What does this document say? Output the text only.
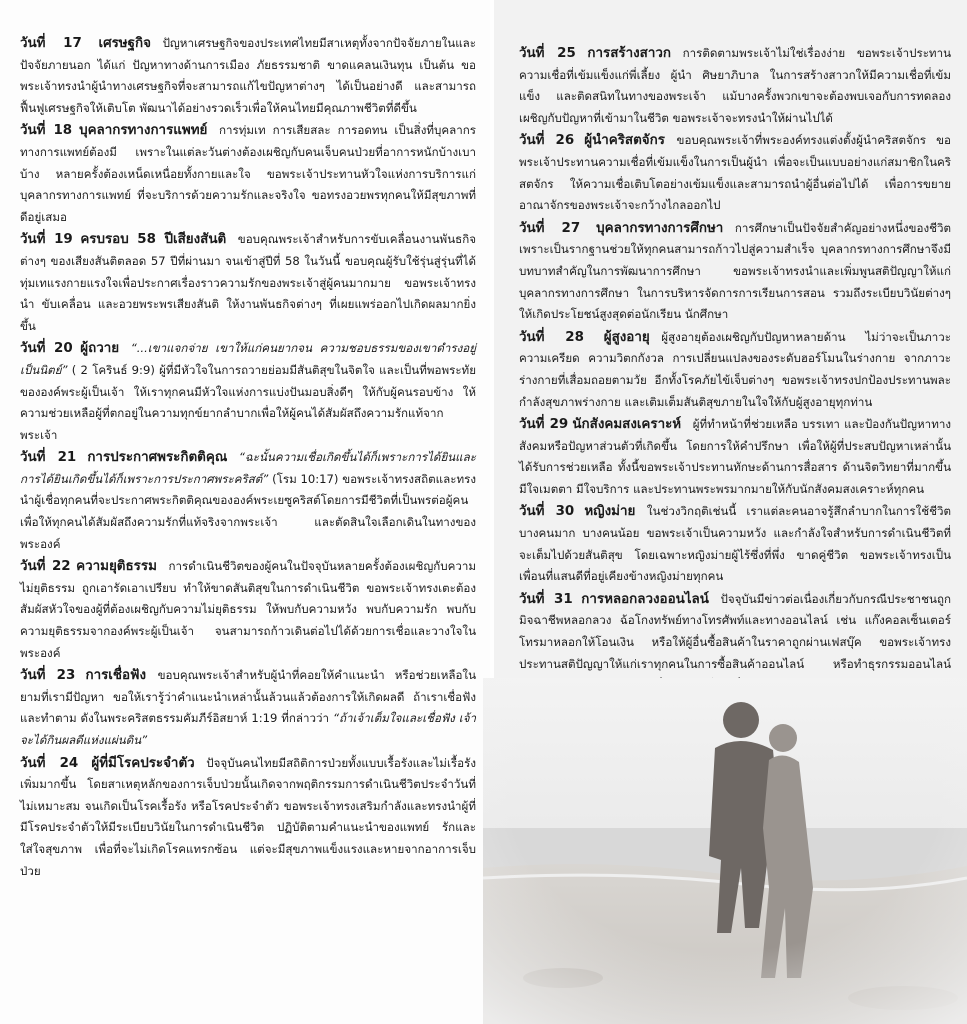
วันที่ 17 เศรษฐกิจ  ปัญหาเศรษฐกิจของประเทศไทยมีสาเหตุทั้งจากปัจจัยภายในและปัจจัยภายนอก ได้แก่ ปัญหาทางด้านการเมือง ภัยธรรมชาติ ขาดแคลนเงินทุน เป็นต้น ขอพระเจ้าทรงนำผู้นำทางเศรษฐกิจที่จะสามารถแก้ไขปัญหาต่างๆ ได้เป็นอย่างดี และสามารถฟื้นฟูเศรษฐกิจให้เติบโต พัฒนาได้อย่างรวดเร็วเพื่อให้คนไทยมีคุณภาพชีวิตที่ดีขึ้น

วันที่ 18 บุคลากรทางการแพทย์  การทุ่มเท การเสียสละ การอดทน เป็นสิ่งที่บุคลากรทางการแพทย์ต้องมี เพราะในแต่ละวันต่างต้องเผชิญกับคนเจ็บคนป่วยที่อาการหนักบ้างเบาบ้าง หลายครั้งต้องเหน็ดเหนื่อยทั้งกายและใจ ขอพระเจ้าประทานหัวใจแห่งการบริการแก่บุคลากรทางการแพทย์ ที่จะบริการด้วยความรักและจริงใจ ขอทรงอวยพรทุกคนให้มีสุขภาพที่ดีอยู่เสมอ

วันที่ 19 ครบรอบ 58 ปีเสียงสันติ  ขอบคุณพระเจ้าสำหรับการขับเคลื่อนงานพันธกิจต่างๆ ของเสียงสันติตลอด 57 ปีที่ผ่านมา จนเข้าสู่ปีที่ 58 ในวันนี้ ขอบคุณผู้รับใช้รุ่นสู่รุ่นที่ได้ทุ่มเทแรงกายแรงใจเพื่อประกาศเรื่องราวความรักของพระเจ้าสู่ผู้คนมากมาย ขอพระเจ้าทรงนำ ขับเคลื่อน และอวยพระพรเสียงสันติ ให้งานพันธกิจต่างๆ ที่เผยแพร่ออกไปเกิดผลมากยิ่งขึ้น

วันที่ 20 ผู้ถวาย  “...เขาแจกจ่าย เขาให้แก่คนยากจน ความชอบธรรมของเขาดำรงอยู่เป็นนิตย์” ( 2 โครินธ์ 9:9) ผู้ที่มีหัวใจในการถวายย่อมมีสันติสุขในจิตใจ และเป็นที่พอพระทัยขององค์พระผู้เป็นเจ้า ให้เราทุกคนมีหัวใจแห่งการแบ่งปันมอบสิ่งดีๆ ให้กับผู้คนรอบข้าง ให้ความช่วยเหลือผู้ที่ตกอยู่ในความทุกข์ยากลำบากเพื่อให้ผู้คนได้สัมผัสถึงความรักแท้จากพระเจ้า

วันที่ 21 การประกาศพระกิตติคุณ  “ฉะนั้นความเชื่อเกิดขึ้นได้ก็เพราะการได้ยินและการได้ยินเกิดขึ้นได้ก็เพราะการประกาศพระคริสต์” (โรม 10:17) ขอพระเจ้าทรงสถิตและทรงนำผู้เชื่อทุกคนที่จะประกาศพระกิตติคุณขององค์พระเยซูคริสต์โดยการมีชีวิตที่เป็นพรต่อผู้คน เพื่อให้ทุกคนได้สัมผัสถึงความรักที่แท้จริงจากพระเจ้า และตัดสินใจเลือกเดินในทางของพระองค์

วันที่ 22 ความยุติธรรม  การดำเนินชีวิตของผู้คนในปัจจุบันหลายครั้งต้องเผชิญกับความไม่ยุติธรรม ถูกเอารัดเอาเปรียบ ทำให้ขาดสันติสุขในการดำเนินชีวิต ขอพระเจ้าทรงเตะต้องสัมผัสหัวใจของผู้ที่ต้องเผชิญกับความไม่ยุติธรรม ให้พบกับความหวัง พบกับความรัก พบกับความยุติธรรมจากองค์พระผู้เป็นเจ้า จนสามารถก้าวเดินต่อไปได้ด้วยการเชื่อและวางใจในพระองค์

วันที่ 23 การเชื่อฟัง  ขอบคุณพระเจ้าสำหรับผู้นำที่คอยให้คำแนะนำ หรือช่วยเหลือในยามที่เรามีปัญหา ขอให้เรารู้ว่าคำแนะนำเหล่านั้นล้วนแล้วต้องการให้เกิดผลดี ถ้าเราเชื่อฟังและทำตาม ดังในพระคริสตธรรมคัมภีร์อิสยาห์ 1:19 ที่กล่าวว่า “ถ้าเจ้าเต็มใจและเชื่อฟัง เจ้าจะได้กินผลดีแห่งแผ่นดิน”

วันที่ 24 ผู้ที่มีโรคประจำตัว  ปัจจุบันคนไทยมีสถิติการป่วยทั้งแบบเรื้อรังและไม่เรื้อรังเพิ่มมากขึ้น โดยสาเหตุหลักของการเจ็บป่วยนั้นเกิดจากพฤติกรรมการดำเนินชีวิตประจำวันที่ไม่เหมาะสม จนเกิดเป็นโรคเรื้อรัง หรือโรคประจำตัว ขอพระเจ้าทรงเสริมกำลังและทรงนำผู้ที่มีโรคประจำตัวให้มีระเบียบวินัยในการดำเนินชีวิต ปฏิบัติตามคำแนะนำของแพทย์ รักและใส่ใจสุขภาพ เพื่อที่จะไม่เกิดโรคแทรกซ้อน แต่จะมีสุขภาพแข็งแรงและหายจากอาการเจ็บป่วย

วันที่ 25 การสร้างสาวก  การติดตามพระเจ้าไม่ใช่เรื่องง่าย ขอพระเจ้าประทานความเชื่อที่เข้มแข็งแก่พี่เลี้ยง ผู้นำ ศิษยาภิบาล ในการสร้างสาวกให้มีความเชื่อที่เข้มแข็ง และติดสนิทในทางของพระเจ้า แม้บางครั้งพวกเขาจะต้องพบเจอกับการทดลอง เผชิญกับปัญหาที่เข้ามาในชีวิต ขอพระเจ้าจะทรงนำให้ผ่านไปได้

วันที่ 26 ผู้นำคริสตจักร  ขอบคุณพระเจ้าที่พระองค์ทรงแต่งตั้งผู้นำคริสตจักร ขอพระเจ้าประทานความเชื่อที่เข้มแข็งในการเป็นผู้นำ เพื่อจะเป็นแบบอย่างแก่สมาชิกในคริสตจักร ให้ความเชื่อเติบโตอย่างเข้มแข็งและสามารถนำผู้อื่นต่อไปได้ เพื่อการขยายอาณาจักรของพระเจ้าจะกว้างไกลออกไป

วันที่ 27 บุคลากรทางการศึกษา  การศึกษาเป็นปัจจัยสำคัญอย่างหนึ่งของชีวิต เพราะเป็นรากฐานช่วยให้ทุกคนสามารถก้าวไปสู่ความสำเร็จ บุคลากรทางการศึกษาจึงมีบทบาทสำคัญในการพัฒนาการศึกษา ขอพระเจ้าทรงนำและเพิ่มพูนสติปัญญาให้แก่บุคลากรทางการศึกษา ในการบริหารจัดการการเรียนการสอน รวมถึงระเบียบวินัยต่างๆ ให้เกิดประโยชน์สูงสุดต่อนักเรียน นักศึกษา

วันที่ 28 ผู้สูงอายุ  ผู้สูงอายุต้องเผชิญกับปัญหาหลายด้าน ไม่ว่าจะเป็นภาวะความเครียด ความวิตกกังวล การเปลี่ยนแปลงของระดับฮอร์โมนในร่างกาย จากภาวะร่างกายที่เสื่อมถอยตามวัย อีกทั้งโรคภัยไข้เจ็บต่างๆ ขอพระเจ้าทรงปกป้องประทานพละกำลังสุขภาพร่างกาย และเติมเต็มสันติสุขภายในใจให้กับผู้สูงอายุทุกท่าน

วันที่ 29 นักสังคมสงเคราะห์  ผู้ที่ทำหน้าที่ช่วยเหลือ บรรเทา และป้องกันปัญหาทางสังคมหรือปัญหาส่วนตัวที่เกิดขึ้น โดยการให้คำปรึกษา เพื่อให้ผู้ที่ประสบปัญหาเหล่านั้นได้รับการช่วยเหลือ ทั้งนี้ขอพระเจ้าประทานทักษะด้านการสื่อสาร ด้านจิตวิทยาที่มากขึ้น มีใจเมตตา มีใจบริการ และประทานพระพรมากมายให้กับนักสังคมสงเคราะห์ทุกคน

วันที่ 30 หญิงม่าย  ในช่วงวิกฤติเช่นนี้ เราแต่ละคนอาจรู้สึกลำบากในการใช้ชีวิต บางคนมาก บางคนน้อย ขอพระเจ้าเป็นความหวัง และกำลังใจสำหรับการดำเนินชีวิตที่จะเต็มไปด้วยสันติสุข โดยเฉพาะหญิงม่ายผู้ไร้ซึ่งที่พึ่ง ขาดคู่ชีวิต ขอพระเจ้าทรงเป็นเพื่อนที่แสนดีที่อยู่เคียงข้างหญิงม่ายทุกคน

วันที่ 31 การหลอกลวงออนไลน์  ปัจจุบันมีข่าวต่อเนื่องเกี่ยวกับกรณีประชาชนถูกมิจฉาชีพหลอกลวง ฉ้อโกงทรัพย์ทางโทรศัพท์และทางออนไลน์ เช่น แก๊งคอลเซ็นเตอร์โทรมาหลอกให้โอนเงิน หรือให้ผู้อื่นซื้อสินค้าในราคาถูกผ่านเฟสบุ๊ค ขอพระเจ้าทรงประทานสติปัญญาให้แก่เราทุกคนในการซื้อสินค้าออนไลน์ หรือทำธุรกรรมออนไลน์
